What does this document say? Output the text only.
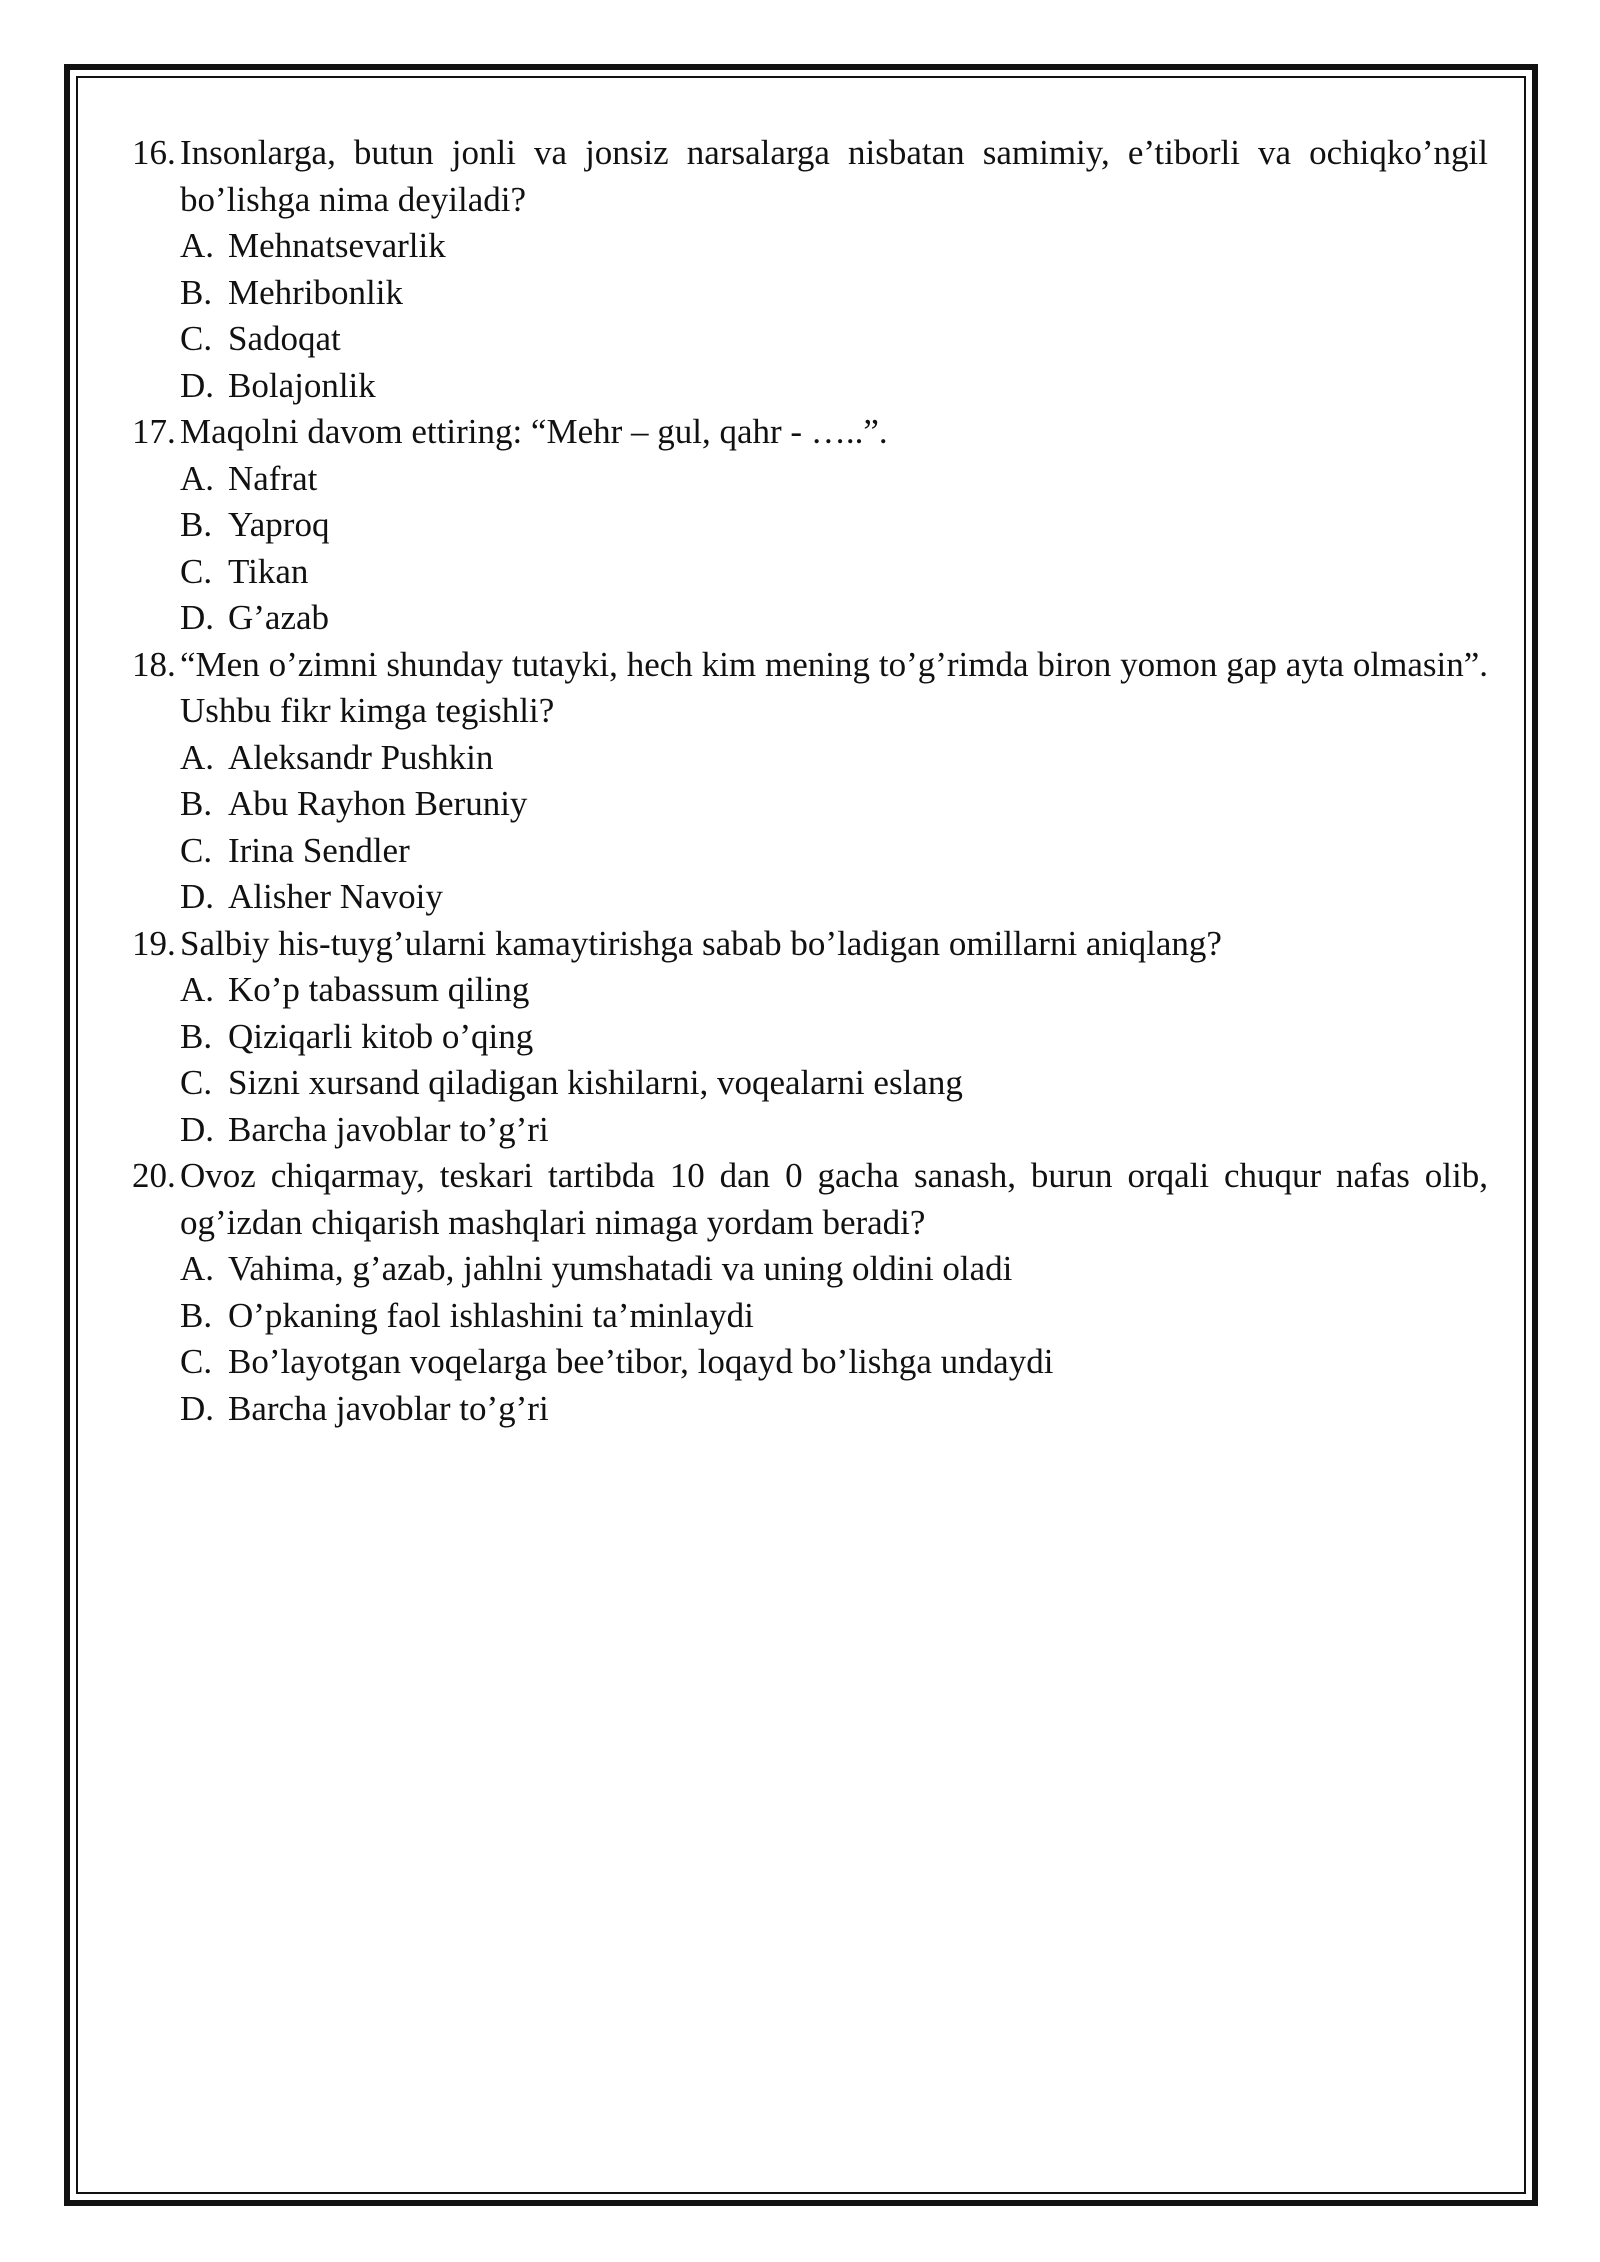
16. Insonlarga, butun jonli va jonsiz narsalarga nisbatan samimiy, e’tiborli va ochiqko’ngil bo’lishga nima deyiladi?
A. Mehnatsevarlik
B. Mehribonlik
C. Sadoqat
D. Bolajonlik
17. Maqolni davom ettiring: “Mehr – gul, qahr - …..”.
A. Nafrat
B. Yaproq
C. Tikan
D. G’azab
18. “Men o’zimni shunday tutayki, hech kim mening to’g’rimda biron yomon gap ayta olmasin”. Ushbu fikr kimga tegishli?
A. Aleksandr Pushkin
B. Abu Rayhon Beruniy
C. Irina Sendler
D. Alisher Navoiy
19. Salbiy his-tuyg’ularni kamaytirishga sabab bo’ladigan omillarni aniqlang?
A. Ko’p tabassum qiling
B. Qiziqarli kitob o’qing
C. Sizni xursand qiladigan kishilarni, voqealarni eslang
D. Barcha javoblar to’g’ri
20. Ovoz chiqarmay, teskari tartibda 10 dan 0 gacha sanash, burun orqali chuqur nafas olib, og’izdan chiqarish mashqlari nimaga yordam beradi?
A. Vahima, g’azab, jahlni yumshatadi va uning oldini oladi
B. O’pkaning faol ishlashini ta’minlaydi
C. Bo’layotgan voqelarga bee’tibor, loqayd bo’lishga undaydi
D. Barcha javoblar to’g’ri
